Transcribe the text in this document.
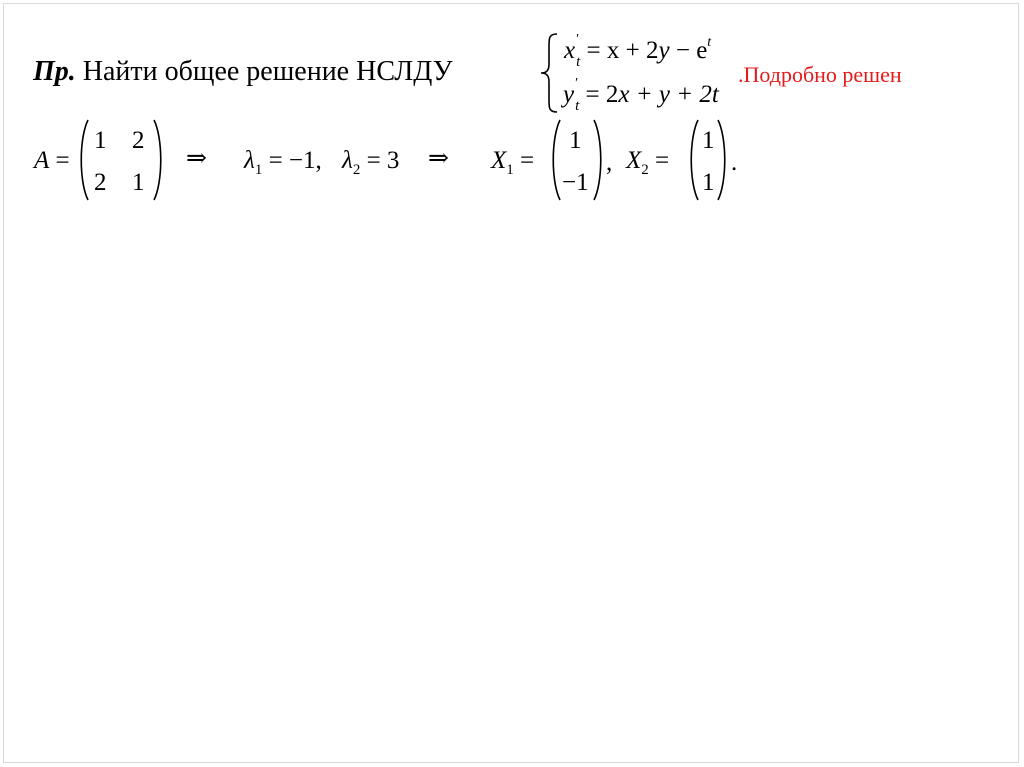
Пр. Найти общее решение НСЛДУ
x ′
$_t = x + 2y - e^t$
y ′
$_t$ = 2x + y + 2t
.Подробно решен
A =
1 2
2 1
⇒ $\lambda_1 = -1$, $\lambda_2 = 3$ ⇒ $X_1$ =
1
−1
, $X_2$ =
1
1
.
